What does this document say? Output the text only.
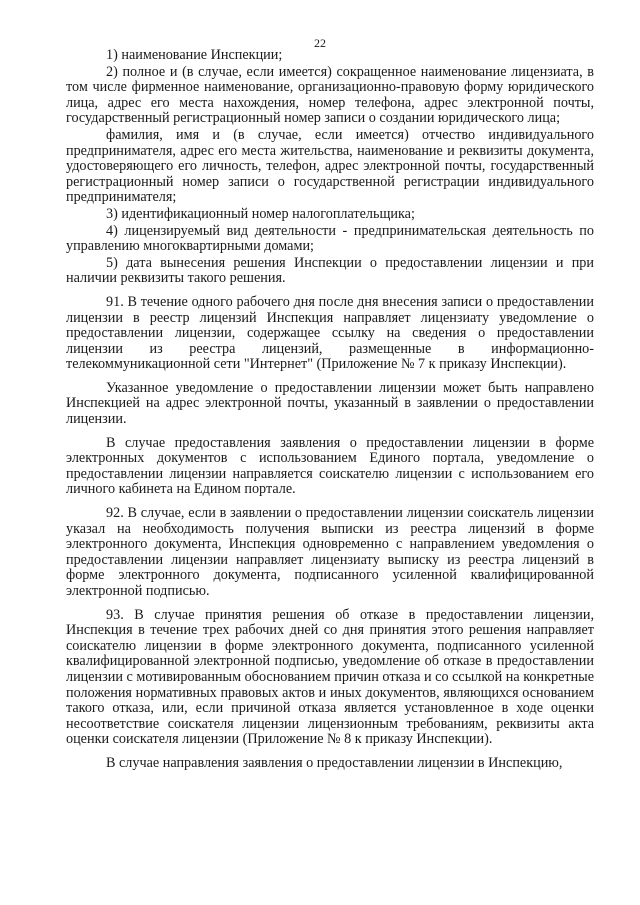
22

1) наименование Инспекции;

2) полное и (в случае, если имеется) сокращенное наименование лицензиата, в том числе фирменное наименование, организационно-правовую форму юридического лица, адрес его места нахождения, номер телефона, адрес электронной почты, государственный регистрационный номер записи о создании юридического лица;

фамилия, имя и (в случае, если имеется) отчество индивидуального предпринимателя, адрес его места жительства, наименование и реквизиты документа, удостоверяющего его личность, телефон, адрес электронной почты, государственный регистрационный номер записи о государственной регистрации индивидуального предпринимателя;

3) идентификационный номер налогоплательщика;

4) лицензируемый вид деятельности - предпринимательская деятельность по управлению многоквартирными домами;

5) дата вынесения решения Инспекции о предоставлении лицензии и при наличии реквизиты такого решения.

91. В течение одного рабочего дня после дня внесения записи о предоставлении лицензии в реестр лицензий Инспекция направляет лицензиату уведомление о предоставлении лицензии, содержащее ссылку на сведения о предоставлении лицензии из реестра лицензий, размещенные в информационно-телекоммуникационной сети "Интернет" (Приложение № 7 к приказу Инспекции).

Указанное уведомление о предоставлении лицензии может быть направлено Инспекцией на адрес электронной почты, указанный в заявлении о предоставлении лицензии.

В случае предоставления заявления о предоставлении лицензии в форме электронных документов с использованием Единого портала, уведомление о предоставлении лицензии направляется соискателю лицензии с использованием его личного кабинета на Едином портале.

92. В случае, если в заявлении о предоставлении лицензии соискатель лицензии указал на необходимость получения выписки из реестра лицензий в форме электронного документа, Инспекция одновременно с направлением уведомления о предоставлении лицензии направляет лицензиату выписку из реестра лицензий в форме электронного документа, подписанного усиленной квалифицированной электронной подписью.

93. В случае принятия решения об отказе в предоставлении лицензии, Инспекция в течение трех рабочих дней со дня принятия этого решения направляет соискателю лицензии в форме электронного документа, подписанного усиленной квалифицированной электронной подписью, уведомление об отказе в предоставлении лицензии с мотивированным обоснованием причин отказа и со ссылкой на конкретные положения нормативных правовых актов и иных документов, являющихся основанием такого отказа, или, если причиной отказа является установленное в ходе оценки несоответствие соискателя лицензии лицензионным требованиям, реквизиты акта оценки соискателя лицензии (Приложение № 8 к приказу Инспекции).

В случае направления заявления о предоставлении лицензии в Инспекцию,
